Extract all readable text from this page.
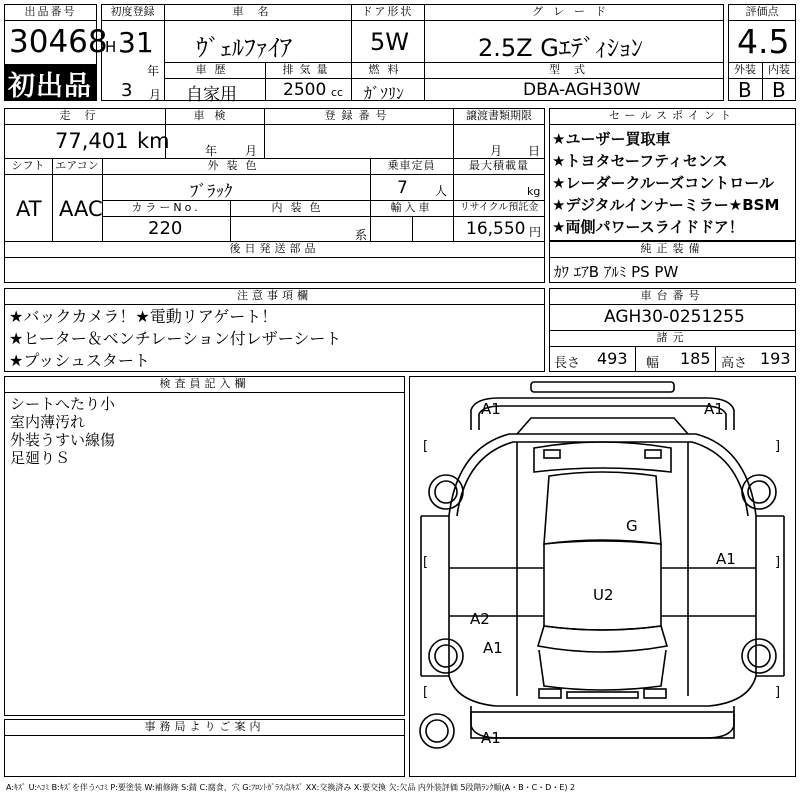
出品番号
30468
初出品
初度登録
H 31
年
3 月
車名
ｳﾞｪﾙﾌｧｲｱ
ドア形状
5W
グレード
2.5Z Gｴﾃﾞｨｼｮﾝ
車歴
自家用
排気量
2500 cc
燃料
ｶﾞｿﾘﾝ
型式
DBA-AGH30W
評価点
4.5
外装	内装
B B
走行
77,401 km
車検
年 月
登録番号	譲渡書類期限
月 日
シフト
AT
エアコン
AAC
外装色
ﾌﾞﾗｯｸ
乗車定員
7 人
最大積載量
kg
カラーNo.
220
内装色
系
輸入車	リサイクル預託金
16,550 円
後日発送部品
セールスポイント
★ユーザー買取車
★トヨタセーフティセンス
★レーダークルーズコントロール
★デジタルインナーミラー★BSM
★両側パワースライドドア！
純正装備
ｶﾜ ｴｱB ｱﾙﾐ PS PW
注意事項欄
★バックカメラ！★電動リアゲート！
★ヒーター＆ベンチレーション付レザーシート
★プッシュスタート
車台番号
AGH30-0251255
諸元
長さ 493 幅 185 高さ 193
検査員記入欄
シートへたり小
室内薄汚れ
外装うすい線傷
足廻りＳ
事務局よりご案内
[	]
[	]
[	]
A1	A1
G
A1
U2
A2
A1
A1
A:ｷｽﾞ U:ﾍｺﾐ B:ｷｽﾞを伴うﾍｺﾐ P:要塗装 W:補修跡 S:錆 C:腐食、穴 G:ﾌﾛﾝﾄｶﾞﾗｽ点ｷｽﾞ XX:交換済み X:要交換 欠:欠品 内外装評価 5段階ﾗﾝｸ順(A・B・C・D・E) 2
